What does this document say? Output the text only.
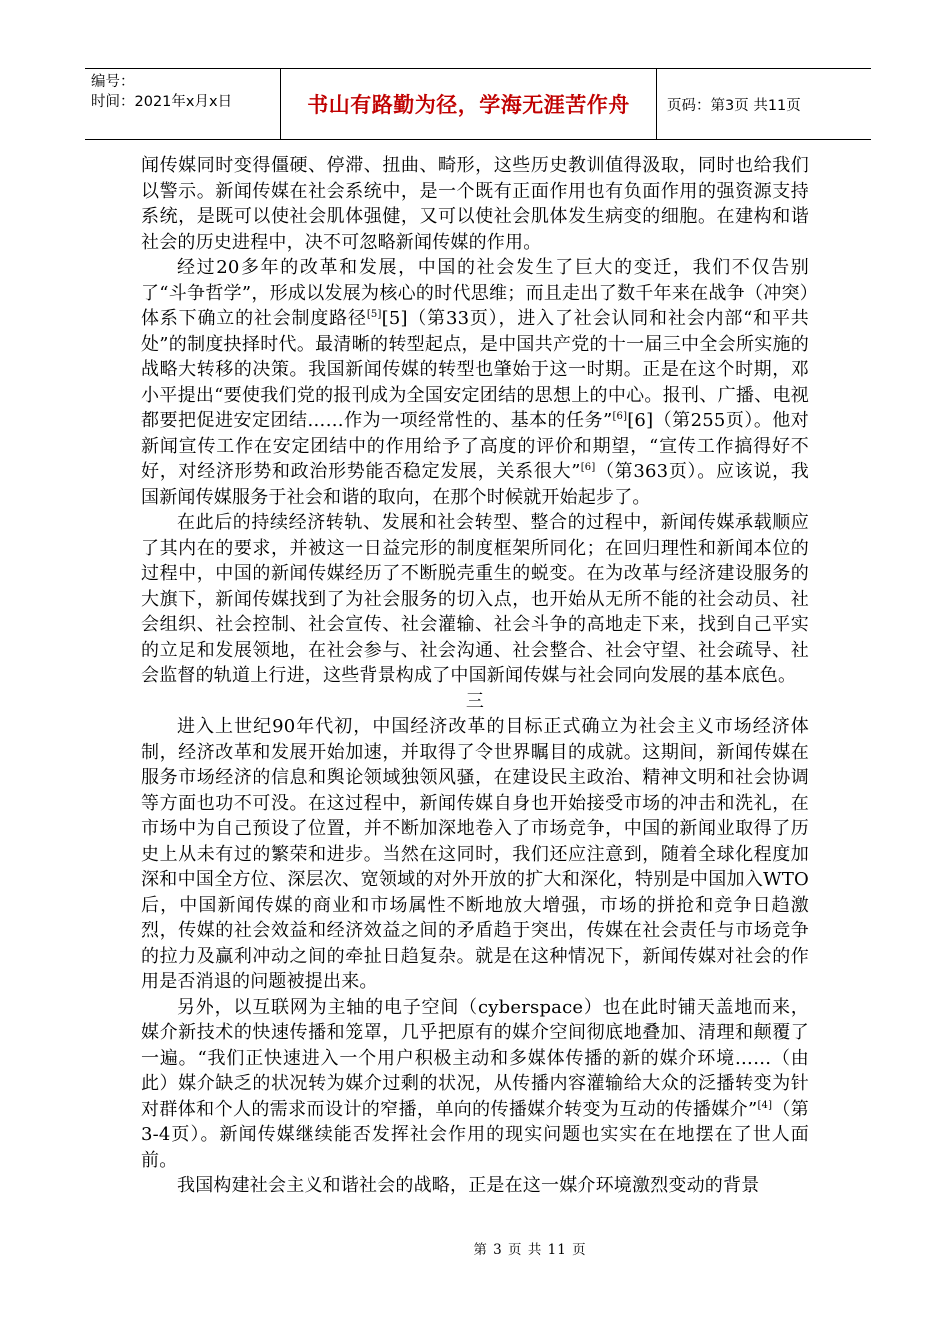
编号：
时间：2021年x月x日	书山有路勤为径，学海无涯苦作舟	页码：第3页 共11页

闻传媒同时变得僵硬、停滞、扭曲、畸形，这些历史教训值得汲取，同时也给我们以警示。新闻传媒在社会系统中，是一个既有正面作用也有负面作用的强资源支持系统，是既可以使社会肌体强健，又可以使社会肌体发生病变的细胞。在建构和谐社会的历史进程中，决不可忽略新闻传媒的作用。

经过20多年的改革和发展，中国的社会发生了巨大的变迁，我们不仅告别了“斗争哲学”，形成以发展为核心的时代思维；而且走出了数千年来在战争（冲突）体系下确立的社会制度路径[5][5]（第33页），进入了社会认同和社会内部“和平共处”的制度抉择时代。最清晰的转型起点，是中国共产党的十一届三中全会所实施的战略大转移的决策。我国新闻传媒的转型也肇始于这一时期。正是在这个时期，邓小平提出“要使我们党的报刊成为全国安定团结的思想上的中心。报刊、广播、电视都要把促进安定团结……作为一项经常性的、基本的任务”[6][6]（第255页）。他对新闻宣传工作在安定团结中的作用给予了高度的评价和期望，“宣传工作搞得好不好，对经济形势和政治形势能否稳定发展，关系很大”[6]（第363页）。应该说，我国新闻传媒服务于社会和谐的取向，在那个时候就开始起步了。

在此后的持续经济转轨、发展和社会转型、整合的过程中，新闻传媒承载顺应了其内在的要求，并被这一日益完形的制度框架所同化；在回归理性和新闻本位的过程中，中国的新闻传媒经历了不断脱壳重生的蜕变。在为改革与经济建设服务的大旗下，新闻传媒找到了为社会服务的切入点，也开始从无所不能的社会动员、社会组织、社会控制、社会宣传、社会灌输、社会斗争的高地走下来，找到自己平实的立足和发展领地，在社会参与、社会沟通、社会整合、社会守望、社会疏导、社会监督的轨道上行进，这些背景构成了中国新闻传媒与社会同向发展的基本底色。

三

进入上世纪90年代初，中国经济改革的目标正式确立为社会主义市场经济体制，经济改革和发展开始加速，并取得了令世界瞩目的成就。这期间，新闻传媒在服务市场经济的信息和舆论领域独领风骚，在建设民主政治、精神文明和社会协调等方面也功不可没。在这过程中，新闻传媒自身也开始接受市场的冲击和洗礼，在市场中为自己预设了位置，并不断加深地卷入了市场竞争，中国的新闻业取得了历史上从未有过的繁荣和进步。当然在这同时，我们还应注意到，随着全球化程度加深和中国全方位、深层次、宽领域的对外开放的扩大和深化，特别是中国加入WTO后，中国新闻传媒的商业和市场属性不断地放大增强，市场的拼抢和竞争日趋激烈，传媒的社会效益和经济效益之间的矛盾趋于突出，传媒在社会责任与市场竞争的拉力及赢利冲动之间的牵扯日趋复杂。就是在这种情况下，新闻传媒对社会的作用是否消退的问题被提出来。

另外，以互联网为主轴的电子空间（cyberspace）也在此时铺天盖地而来，媒介新技术的快速传播和笼罩，几乎把原有的媒介空间彻底地叠加、清理和颠覆了一遍。“我们正快速进入一个用户积极主动和多媒体传播的新的媒介环境……（由此）媒介缺乏的状况转为媒介过剩的状况，从传播内容灌输给大众的泛播转变为针对群体和个人的需求而设计的窄播，单向的传播媒介转变为互动的传播媒介”[4]（第3-4页）。新闻传媒继续能否发挥社会作用的现实问题也实实在在地摆在了世人面前。

我国构建社会主义和谐社会的战略，正是在这一媒介环境激烈变动的背景

第 3 页 共 11 页
